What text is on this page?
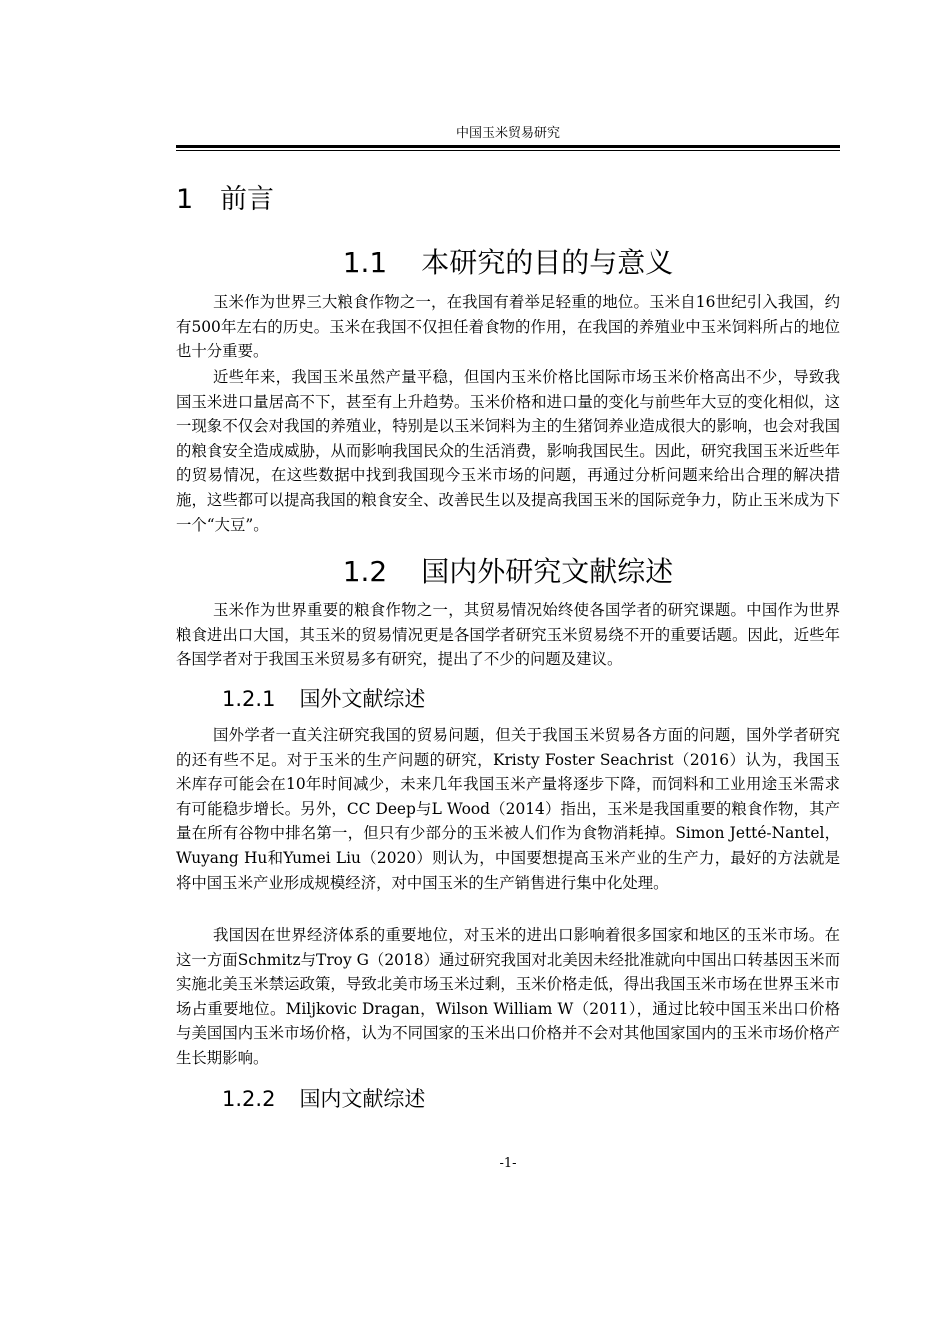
中国玉米贸易研究
1 前言
1.1 本研究的目的与意义

玉米作为世界三大粮食作物之一，在我国有着举足轻重的地位。玉米自16世纪引入我国，约有500年左右的历史。玉米在我国不仅担任着食物的作用，在我国的养殖业中玉米饲料所占的地位也十分重要。

近些年来，我国玉米虽然产量平稳，但国内玉米价格比国际市场玉米价格高出不少，导致我国玉米进口量居高不下，甚至有上升趋势。玉米价格和进口量的变化与前些年大豆的变化相似，这一现象不仅会对我国的养殖业，特别是以玉米饲料为主的生猪饲养业造成很大的影响，也会对我国的粮食安全造成威胁，从而影响我国民众的生活消费，影响我国民生。因此，研究我国玉米近些年的贸易情况，在这些数据中找到我国现今玉米市场的问题，再通过分析问题来给出合理的解决措施，这些都可以提高我国的粮食安全、改善民生以及提高我国玉米的国际竞争力，防止玉米成为下一个“大豆”。

1.2 国内外研究文献综述

玉米作为世界重要的粮食作物之一，其贸易情况始终使各国学者的研究课题。中国作为世界粮食进出口大国，其玉米的贸易情况更是各国学者研究玉米贸易绕不开的重要话题。因此，近些年各国学者对于我国玉米贸易多有研究，提出了不少的问题及建议。

1.2.1 国外文献综述

国外学者一直关注研究我国的贸易问题，但关于我国玉米贸易各方面的问题，国外学者研究的还有些不足。对于玉米的生产问题的研究，Kristy Foster Seachrist（2016）认为，我国玉米库存可能会在10年时间减少，未来几年我国玉米产量将逐步下降，而饲料和工业用途玉米需求有可能稳步增长。另外，CC Deep与L Wood（2014）指出，玉米是我国重要的粮食作物，其产量在所有谷物中排名第一，但只有少部分的玉米被人们作为食物消耗掉。Simon Jetté-Nantel，Wuyang Hu和Yumei Liu（2020）则认为，中国要想提高玉米产业的生产力，最好的方法就是将中国玉米产业形成规模经济，对中国玉米的生产销售进行集中化处理。

我国因在世界经济体系的重要地位，对玉米的进出口影响着很多国家和地区的玉米市场。在这一方面Schmitz与Troy G（2018）通过研究我国对北美因未经批准就向中国出口转基因玉米而实施北美玉米禁运政策，导致北美市场玉米过剩，玉米价格走低，得出我国玉米市场在世界玉米市场占重要地位。Miljkovic Dragan，Wilson William W（2011），通过比较中国玉米出口价格与美国国内玉米市场价格，认为不同国家的玉米出口价格并不会对其他国家国内的玉米市场价格产生长期影响。

1.2.2 国内文献综述
-1-
